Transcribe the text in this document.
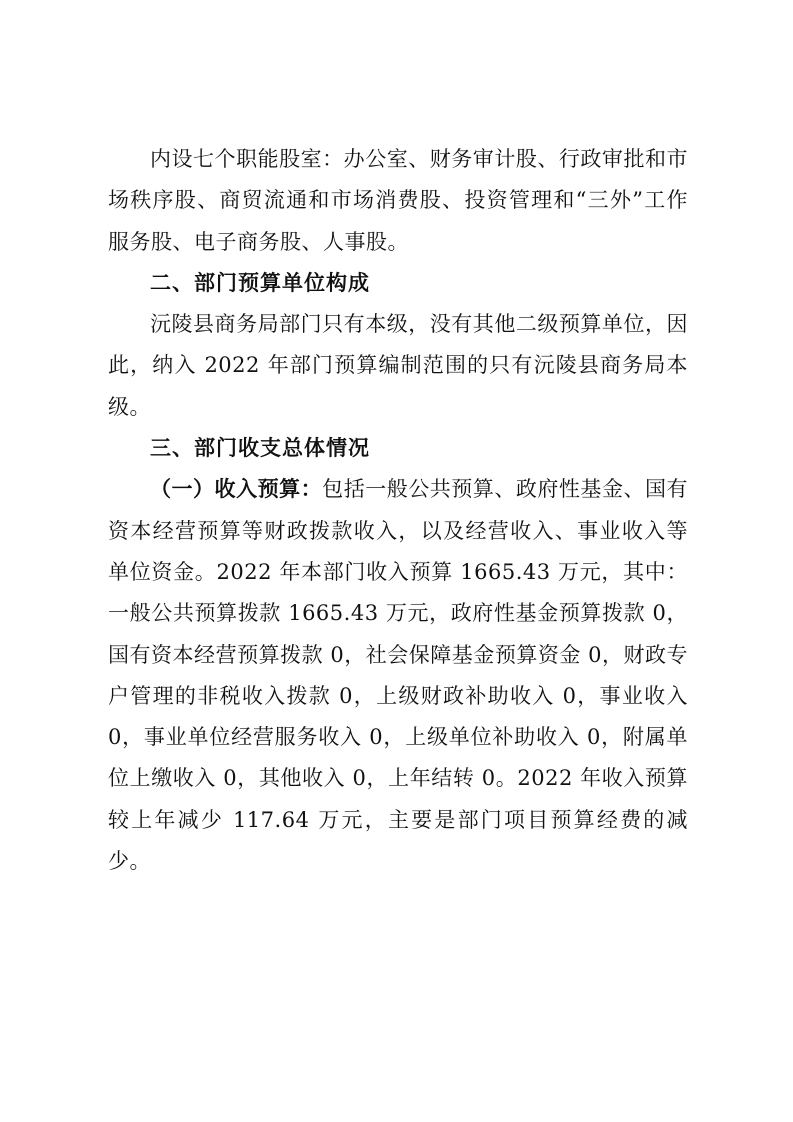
内设七个职能股室：办公室、财务审计股、行政审批和市场秩序股、商贸流通和市场消费股、投资管理和“三外”工作服务股、电子商务股、人事股。

二、部门预算单位构成

沅陵县商务局部门只有本级，没有其他二级预算单位，因此，纳入 2022 年部门预算编制范围的只有沅陵县商务局本级。

三、部门收支总体情况

（一）收入预算：包括一般公共预算、政府性基金、国有资本经营预算等财政拨款收入，以及经营收入、事业收入等单位资金。2022 年本部门收入预算 1665.43 万元，其中：一般公共预算拨款 1665.43 万元，政府性基金预算拨款 0，国有资本经营预算拨款 0，社会保障基金预算资金 0，财政专户管理的非税收入拨款 0，上级财政补助收入 0，事业收入 0，事业单位经营服务收入 0，上级单位补助收入 0，附属单位上缴收入 0，其他收入 0，上年结转 0。2022 年收入预算较上年减少 117.64 万元，主要是部门项目预算经费的减少。
